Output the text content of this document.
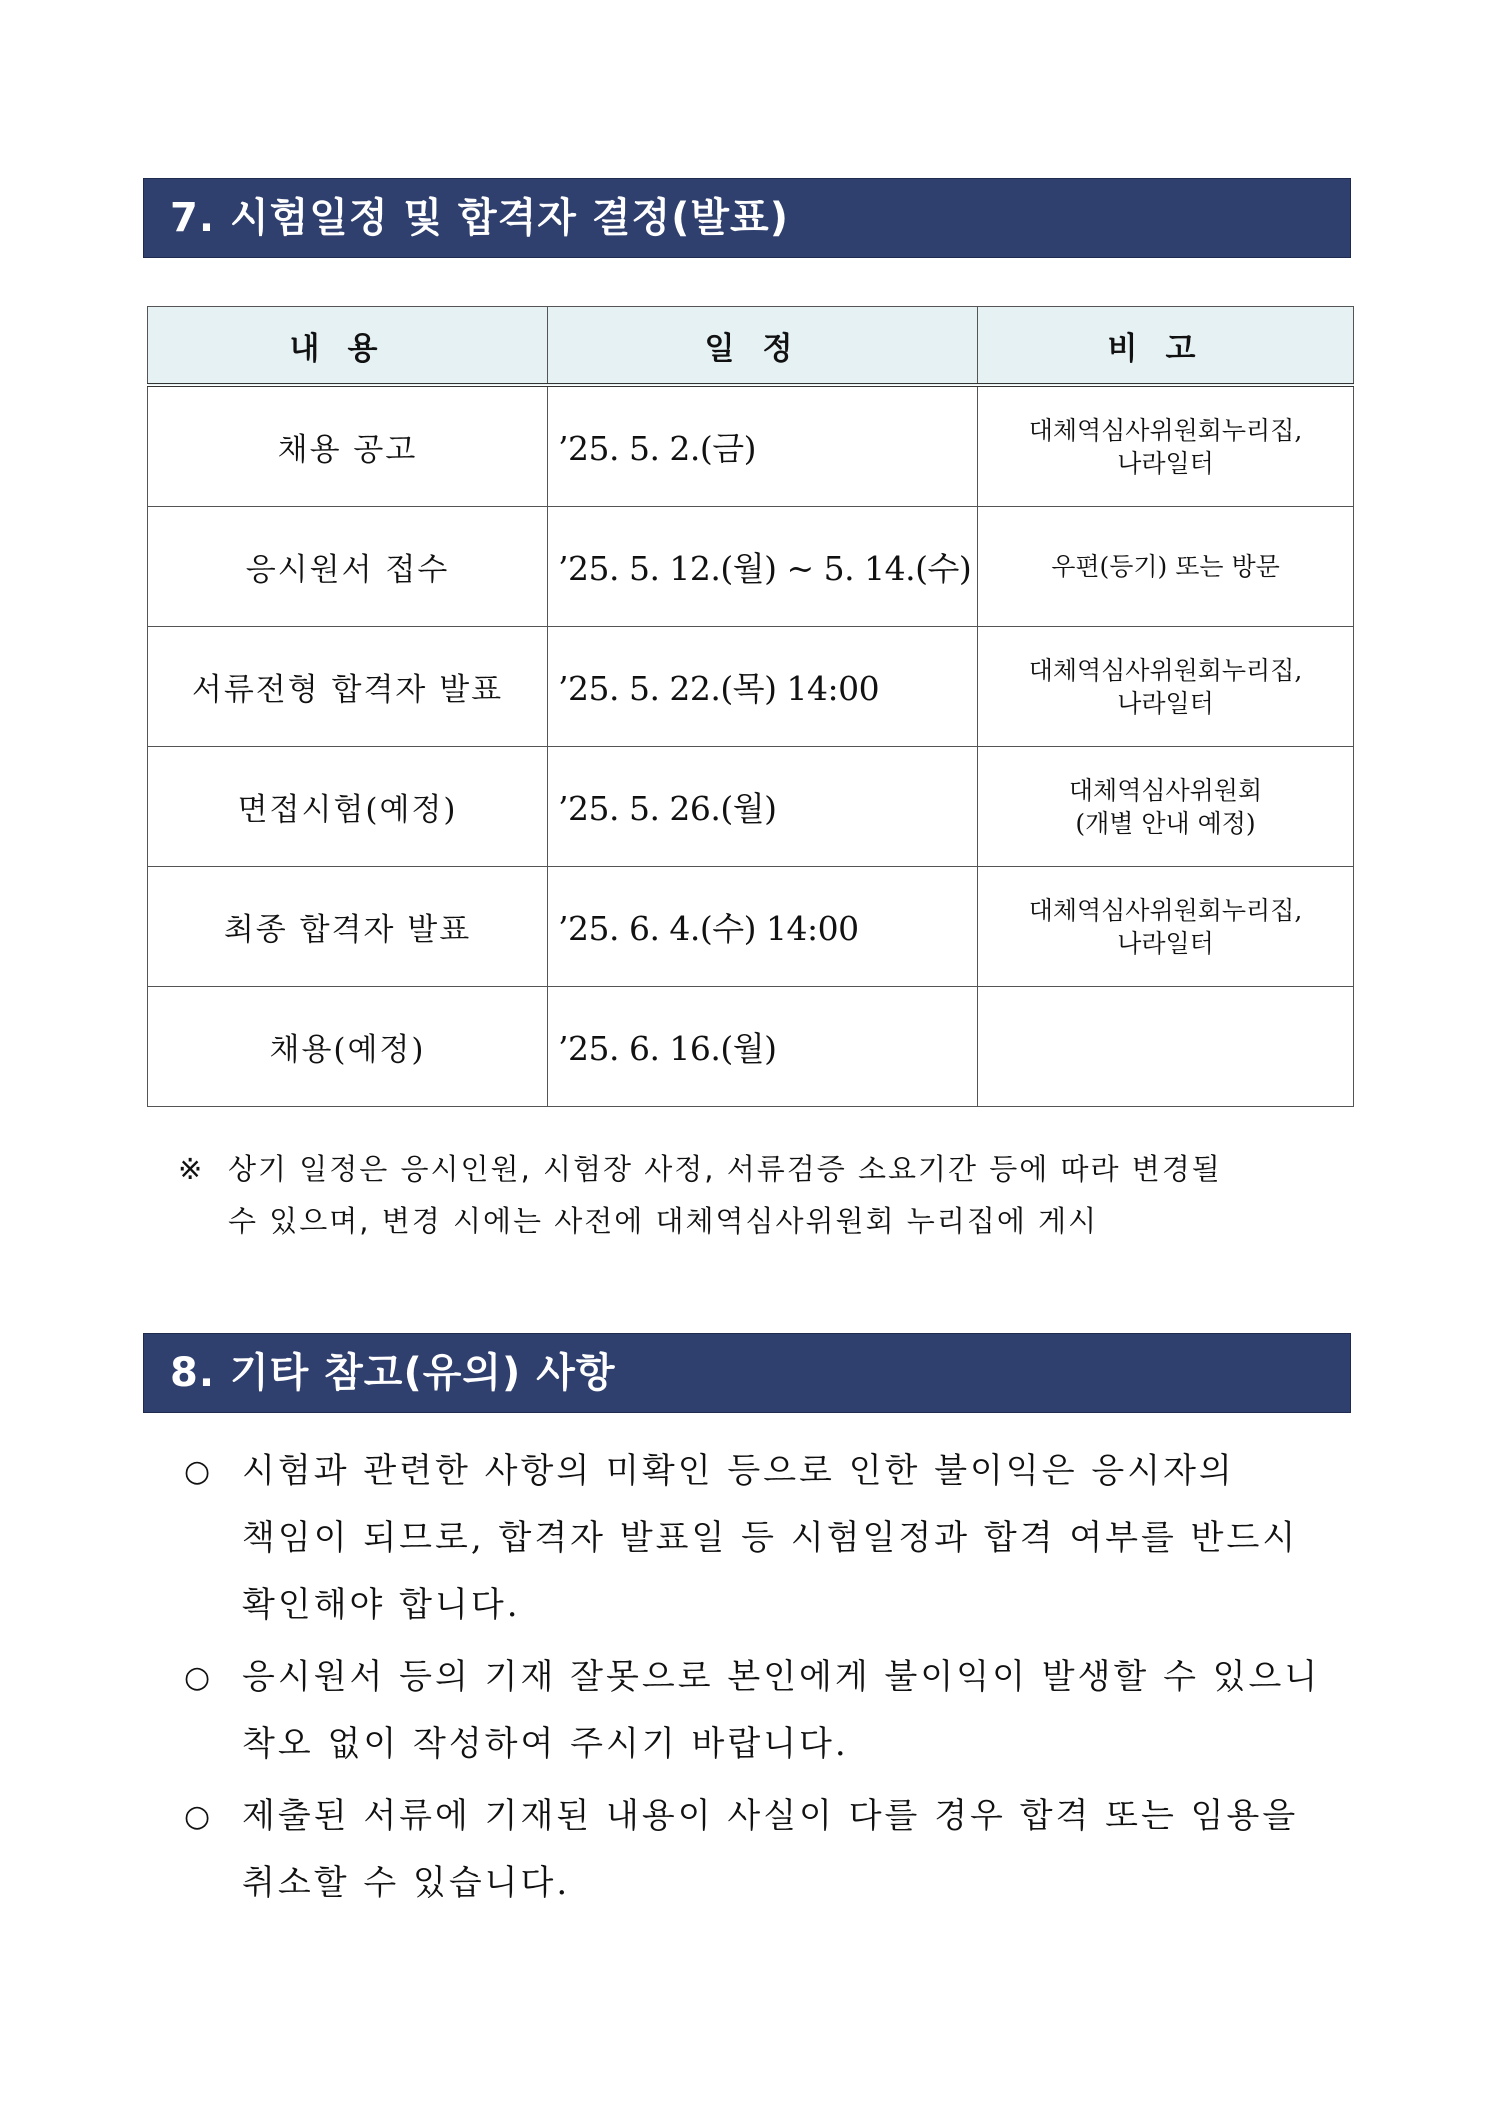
7. 시험일정 및 합격자 결정(발표)
내용	일정	비고
채용 공고	’25. 5. 2.(금)	대체역심사위원회누리집,
나라일터
응시원서 접수	’25. 5. 12.(월) ~ 5. 14.(수)	우편(등기) 또는 방문
서류전형 합격자 발표	’25. 5. 22.(목) 14:00	대체역심사위원회누리집,
나라일터
면접시험(예정)	’25. 5. 26.(월)	대체역심사위원회
(개별 안내 예정)
최종 합격자 발표	’25. 6. 4.(수) 14:00	대체역심사위원회누리집,
나라일터
채용(예정)	’25. 6. 16.(월)	
※ 상기 일정은 응시인원, 시험장 사정, 서류검증 소요기간 등에 따라 변경될
수 있으며, 변경 시에는 사전에 대체역심사위원회 누리집에 게시
8. 기타 참고(유의) 사항
○ 시험과 관련한 사항의 미확인 등으로 인한 불이익은 응시자의
책임이 되므로, 합격자 발표일 등 시험일정과 합격 여부를 반드시
확인해야 합니다.
○ 응시원서 등의 기재 잘못으로 본인에게 불이익이 발생할 수 있으니
착오 없이 작성하여 주시기 바랍니다.
○ 제출된 서류에 기재된 내용이 사실이 다를 경우 합격 또는 임용을
취소할 수 있습니다.
